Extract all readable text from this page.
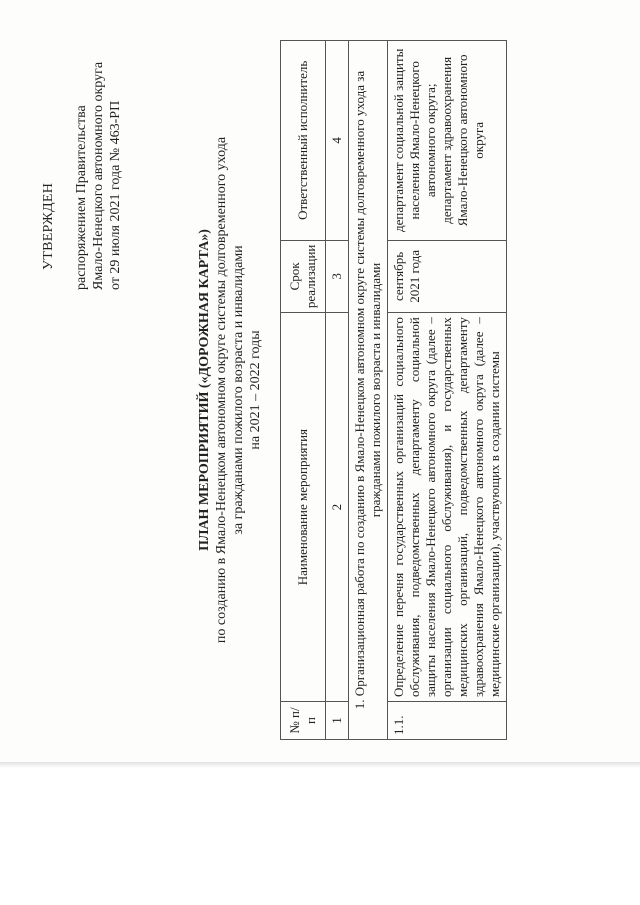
УТВЕРЖДЕН распоряжением Правительства Ямало-Ненецкого автономного округа от 29 июля 2021 года № 463-РП
ПЛАН МЕРОПРИЯТИЙ («ДОРОЖНАЯ КАРТА») по созданию в Ямало-Ненецком автономном округе системы долговременного ухода за гражданами пожилого возраста и инвалидами на 2021 – 2022 годы
№ п/п	Наименование мероприятия	Срок реализации	Ответственный исполнитель
1	2	3	4
1. Организационная работа по созданию в Ямало-Ненецком автономном округе системы долговременного ухода за гражданами пожилого возраста и инвалидами			
1.1.	Определение перечня государственных организаций социального обслуживания, подведомственных департаменту социальной защиты населения Ямало-Ненецкого автономного округа (далее – организации социального обслуживания), и государственных медицинских организаций, подведомственных департаменту здравоохранения Ямало-Ненецкого автономного округа (далее – медицинские организации), участвующих в создании системы	сентябрь 2021 года	департамент социальной защиты населения Ямало-Ненецкого автономного округа;
департамент здравоохранения Ямало-Ненецкого автономного округа
